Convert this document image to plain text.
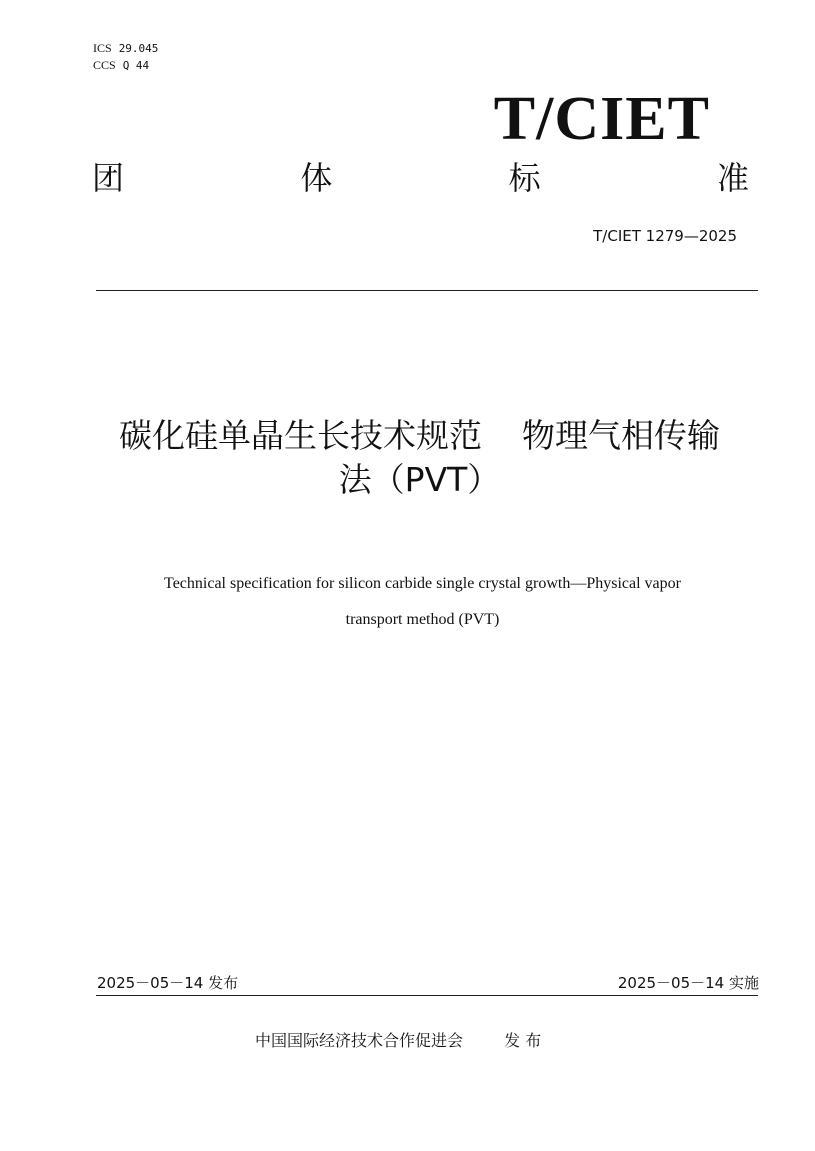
ICS 29.045
CCS Q 44
T/CIET
团	体	标	准
T/CIET 1279—2025
碳化硅单晶生长技术规范 物理气相传输
法（PVT）
Technical specification for silicon carbide single crystal growth—Physical vapor
transport method (PVT)
2025－05－14 发布	2025－05－14 实施
中国国际经济技术合作促进会	发 布
